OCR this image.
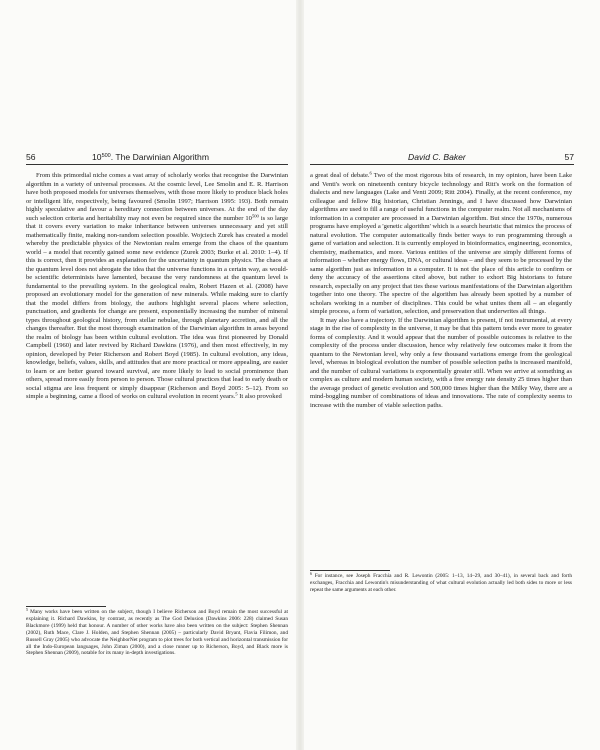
56	$10^{500}$. The Darwinian Algorithm

From this primordial niche comes a vast array of scholarly works that recognise the Darwinian algorithm in a variety of universal processes. At the cosmic level, Lee Smolin and E. R. Harrison have both proposed models for universes themselves, with those more likely to produce black holes or intelligent life, respectively, being favoured (Smolin 1997; Harrison 1995: 193). Both remain highly speculative and favour a hereditary connection between universes. At the end of the day such selection criteria and heritability may not even be required since the number $10^{500}$ is so large that it covers every variation to make inheritance between universes unnecessary and yet still mathematically finite, making non-random selection possible. Wojciech Zurek has created a model whereby the predictable physics of the Newtonian realm emerge from the chaos of the quantum world – a model that recently gained some new evidence (Zurek 2003; Burke et al. 2010: 1–4). If this is correct, then it provides an explanation for the uncertainty in quantum physics. The chaos at the quantum level does not abrogate the idea that the universe functions in a certain way, as would-be scientific determinists have lamented, because the very randomness at the quantum level is fundamental to the prevailing system. In the geological realm, Robert Hazen et al. (2008) have proposed an evolutionary model for the generation of new minerals. While making sure to clarify that the model differs from biology, the authors highlight several places where selection, punctuation, and gradients for change are present, exponentially increasing the number of mineral types throughout geological history, from stellar nebulae, through planetary accretion, and all the changes thereafter. But the most thorough examination of the Darwinian algorithm in areas beyond the realm of biology has been within cultural evolution. The idea was first pioneered by Donald Campbell (1960) and later revived by Richard Dawkins (1976), and then most effectively, in my opinion, developed by Peter Richerson and Robert Boyd (1985). In cultural evolution, any ideas, knowledge, beliefs, values, skills, and attitudes that are more practical or more appealing, are easier to learn or are better geared toward survival, are more likely to lead to social prominence than others, spread more easily from person to person. Those cultural practices that lead to early death or social stigma are less frequent or simply disappear (Richerson and Boyd 2005: 5–12). From so simple a beginning, came a flood of works on cultural evolution in recent years.$^5$ It also provoked

$^5$ Many works have been written on the subject, though I believe Richerson and Boyd remain the most successful at explaining it. Richard Dawkins, by contrast, as recently as The God Delusion (Dawkins 2006: 228) claimed Susan Blackmore (1999) held that honour. A number of other works have also been written on the subject: Stephen Shennan (2002), Ruth Mace, Clare J. Holden, and Stephen Shennan (2005) – particularly David Bryant, Flavia Filimon, and Russell Gray (2005) who advocate the NeighborNet program to plot trees for both vertical and horizontal transmission for all the Indo-European languages, John Ziman (2000), and a close runner up to Richerson, Boyd, and Black more is Stephen Shennan (2009), notable for its many in-depth investigations.

David C. Baker	57

a great deal of debate.$^6$ Two of the most rigorous bits of research, in my opinion, have been Lake and Venti's work on nineteenth century bicycle technology and Ritt's work on the formation of dialects and new languages (Lake and Venti 2009; Ritt 2004). Finally, at the recent conference, my colleague and fellow Big historian, Christian Jennings, and I have discussed how Darwinian algorithms are used to fill a range of useful functions in the computer realm. Not all mechanisms of information in a computer are processed in a Darwinian algorithm. But since the 1970s, numerous programs have employed a 'genetic algorithm' which is a search heuristic that mimics the process of natural evolution. The computer automatically finds better ways to run programming through a game of variation and selection. It is currently employed in bioinformatics, engineering, economics, chemistry, mathematics, and more. Various entities of the universe are simply different forms of information – whether energy flows, DNA, or cultural ideas – and they seem to be processed by the same algorithm just as information in a computer. It is not the place of this article to confirm or deny the accuracy of the assertions cited above, but rather to exhort Big historians to future research, especially on any project that ties these various manifestations of the Darwinian algorithm together into one theory. The spectre of the algorithm has already been spotted by a number of scholars working in a number of disciplines. This could be what unites them all – an elegantly simple process, a form of variation, selection, and preservation that underwrites all things.

It may also have a trajectory. If the Darwinian algorithm is present, if not instrumental, at every stage in the rise of complexity in the universe, it may be that this pattern tends ever more to greater forms of complexity. And it would appear that the number of possible outcomes is relative to the complexity of the process under discussion, hence why relatively few outcomes make it from the quantum to the Newtonian level, why only a few thousand variations emerge from the geological level, whereas in biological evolution the number of possible selection paths is increased manifold, and the number of cultural variations is exponentially greater still. When we arrive at something as complex as culture and modern human society, with a free energy rate density 25 times higher than the average product of genetic evolution and 500,000 times higher than the Milky Way, there are a mind-boggling number of combinations of ideas and innovations. The rate of complexity seems to increase with the number of viable selection paths.

$^6$ For instance, see Joseph Fracchia and R. Lewontin (2005: 1–13, 14–29, and 30–41), in several back and forth exchanges, Fracchia and Lewontin's misunderstanding of what cultural evolution actually led both sides to more or less repeat the same arguments at each other.
